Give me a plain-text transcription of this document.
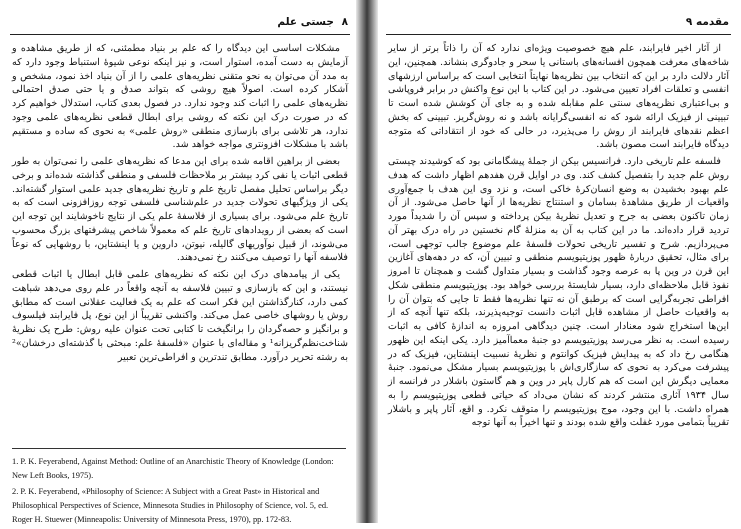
۸ جستی علم

مشکلات اساسی این دیدگاه را که علم بر بنیاد مطمئنی، که از طریق مشاهده و آزمایش به دست آمده، استوار است، و نیز اینکه نوعی شیوهٔ استنباط وجود دارد که به مدد آن می‌توان به نحو متقنی نظریه‌های علمی را از آن بنیاد اخذ نمود، مشخص و آشکار کرده است. اصولاً هیچ روشی که بتواند صدق و یا حتی صدق احتمالی نظریه‌های علمی را اثبات کند وجود ندارد. در فصول بعدی کتاب، استدلال خواهیم کرد که در صورت درک این نکته که روشی برای ابطال قطعی نظریه‌های علمی وجود ندارد، هر تلاشی برای بازسازی منطقی «روش علمی» به نحوی که ساده و مستقیم باشد با مشکلات افزونتری مواجه خواهد شد.

بعضی از براهین اقامه شده برای این مدعا که نظریه‌های علمی را نمی‌توان به طور قطعی اثبات یا نفی کرد بیشتر بر ملاحظات فلسفی و منطقی گذاشته شده‌اند و برخی دیگر براساس تحلیل مفصل تاریخ علم و تاریخ نظریه‌های جدید علمی استوار گشته‌اند. یکی از ویژگیهای تحولات جدید در علم‌شناسی فلسفی توجه روزافزونی است که به تاریخ علم می‌شود. برای بسیاری از فلاسفهٔ علم یکی از نتایج ناخوشایند این توجه این است که بعضی از رویدادهای تاریخ علم که معمولاً شاخص پیشرفتهای بزرگ محسوب می‌شوند، از قبیل نوآوریهای گالیله، نیوتن، داروین و یا اینشتاین، با روشهایی که نوعاً فلاسفه آنها را توصیف می‌کنند رخ نمی‌دهند.

یکی از پیامدهای درک این نکته که نظریه‌های علمی قابل ابطال یا اثبات قطعی نیستند، و این که بازسازی و تبیین فلاسفه به آنچه واقعاً در علم روی می‌دهد شباهت کمی دارد، کنارگذاشتن این فکر است که علم به یک فعالیت عقلانی است که مطابق روش یا روشهای خاصی عمل می‌کند. واکنشی تقریباً از این نوع، پل فایرابند فیلسوف و برانگیز و حصه‌گردان را برانگیخت تا کتابی تحت عنوان علیه روش: طرح یک نظریهٔ شناخت‌نظم‌گریزانه¹ و مقاله‌ای با عنوان «فلسفهٔ علم: مبحثی با گذشته‌ای درخشان»² به رشته تحریر درآورد. مطابق تندترین و افراطی‌ترین تعبیر

1. P. K. Feyerabend, Against Method: Outline of an Anarchistic Theory of Knowledge (London: New Left Books, 1975).

2. P. K. Feyerabend, «Philosophy of Science: A Subject with a Great Past» in Historical and Philosophical Perspectives of Science, Minnesota Studies in Philosophy of Science, vol. 5, ed. Roger H. Stuewer (Minneapolis: University of Minnesota Press, 1970), pp. 172-83.

مقدمه ۹

از آثار اخیر فایرابند، علم هیچ خصوصیت ویژه‌ای ندارد که آن را ذاتاً برتر از سایر شاخه‌های معرفت همچون افسانه‌های باستانی یا سحر و جادوگری بنشاند. همچنین، این آثار دلالت دارد بر این که انتخاب بین نظریه‌ها نهایتاً انتخابی است که براساس ارزشهای انفسی و تعلقات افراد تعیین می‌شود. در این کتاب با این نوع واکنش در برابر فروپاشی و بی‌اعتباری نظریه‌های سنتی علم مقابله شده و به جای آن کوشش شده است تا تبیینی از فیزیک ارائه شود که نه انفسی‌گرایانه باشد و نه روش‌گریز. تبیینی که بخش اعظم نقدهای فایرابند از روش را می‌پذیرد، در حالی که خود از انتقاداتی که متوجه دیدگاه فایرابند است مصون باشد.

فلسفه علم تاریخی دارد. فرانسیس بیکن از جملهٔ پیشگامانی بود که کوشیدند چیستی روش علم جدید را بتفصیل کشف کند. وی در اوایل قرن هفدهم اظهار داشت که هدف علم بهبود بخشیدن به وضع انسان‌کرهٔ خاکی است، و نزد وی این هدف با جمع‌آوری واقعیات از طریق مشاهدهٔ بسامان و استنتاج نظریه‌ها از آنها حاصل می‌شود. از آن زمان تاکنون بعضی به جرح و تعدیل نظریهٔ بیکن پرداخته و سپس آن را شدیداً مورد تردید قرار داده‌اند. ما در این کتاب به آن به منزلهٔ گام نخستین در راه درک بهتر آن می‌پردازیم. شرح و تفسیر تاریخی تحولات فلسفهٔ علم موضوع جالب توجهی است، برای مثال، تحقیق دربارهٔ ظهور پوزیتیویسم منطقی و تبیین آن، که در دهه‌های آغازین این قرن در وین پا به عرصه وجود گذاشت و بسیار متداول گشت و همچنان تا امروز نفوذ قابل ملاحظه‌ای دارد، بسیار شایستهٔ بررسی خواهد بود. پوزیتیویسم منطقی شکل افراطی تجربه‌گرایی است که برطبق آن نه تنها نظریه‌ها فقط تا جایی که بتوان آن را به واقعیات حاصل از مشاهده قابل اثبات ‌دانست توجیه‌پذیرند، بلکه تنها آنچه که از این‌ها استخراج شود معنادار است. چنین دیدگاهی امروزه به اندازهٔ کافی به اثبات رسیده است. به نظر می‌رسد پوزیتیویسم دو جنبهٔ معماآمیز دارد. یکی اینکه این ظهور هنگامی رخ داد که به پیدایش فیزیک کوانتوم و نظریهٔ نسبیت اینشتاین، فیزیک که در پیشرفت می‌کرد به نحوی که سازگاری‌اش با پوزیتیویسم بسیار مشکل می‌نمود. جنبهٔ معمایی دیگرش این است که هم کارل پاپر در وین و هم گاستون باشلار در فرانسه از سال ۱۹۳۴ آثاری منتشر کردند که نشان می‌داد که حیاتی قطعی پوزیتیویسم را به همراه داشت. با این وجود، موج پوزیتیویسم را متوقف نکرد. و اقع، آثار پاپر و باشلار تقریباً بتمامی مورد غفلت واقع شده بودند و تنها اخیراً به آنها توجه
